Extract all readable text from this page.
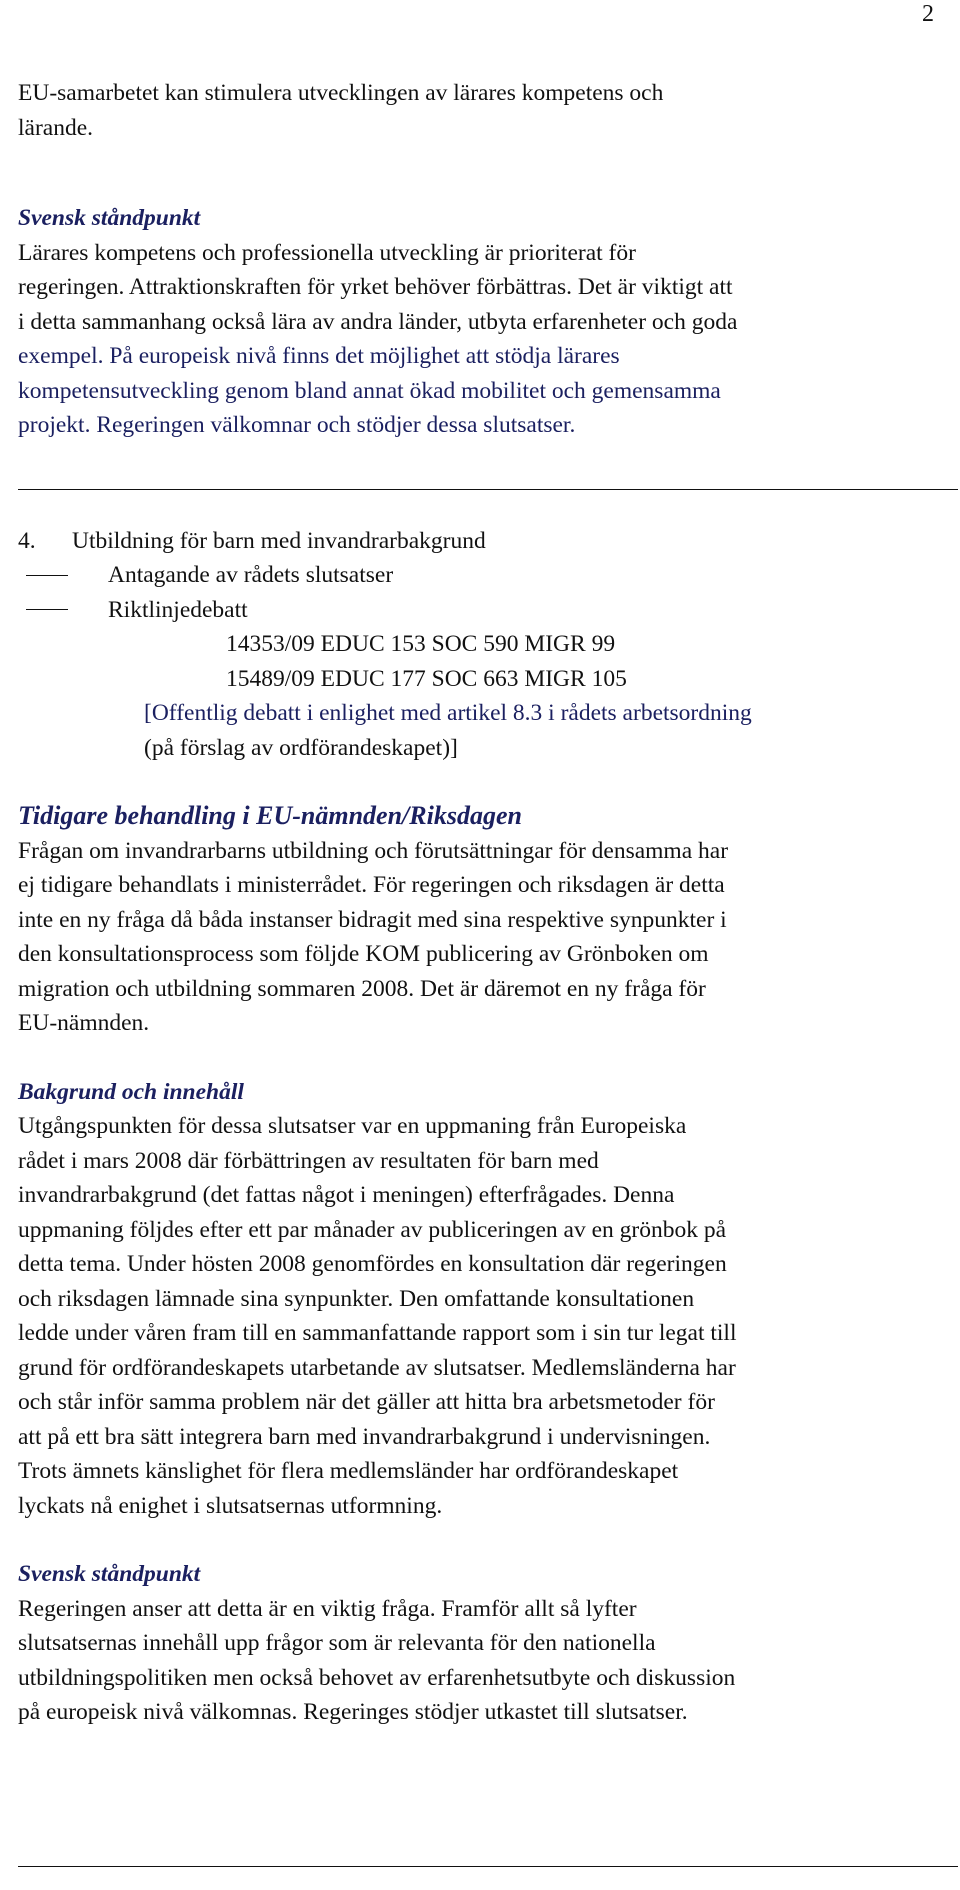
2

EU-samarbetet kan stimulera utvecklingen av lärares kompetens och

lärande.

Svensk ståndpunkt

Lärares kompetens och professionella utveckling är prioriterat för

regeringen. Attraktionskraften för yrket behöver förbättras. Det är viktigt att

i detta sammanhang också lära av andra länder, utbyta erfarenheter och goda

exempel. På europeisk nivå finns det möjlighet att stödja lärares

kompetensutveckling genom bland annat ökad mobilitet och gemensamma

projekt. Regeringen välkomnar och stödjer dessa slutsatser.

4.	Utbildning för barn med invandrarbakgrund

Antagande av rådets slutsatser

Riktlinjedebatt

14353/09 EDUC 153 SOC 590 MIGR 99

15489/09 EDUC 177 SOC 663 MIGR 105

[Offentlig debatt i enlighet med artikel 8.3 i rådets arbetsordning

(på förslag av ordförandeskapet)]

Tidigare behandling i EU-nämnden/Riksdagen

Frågan om invandrarbarns utbildning och förutsättningar för densamma har

ej tidigare behandlats i ministerrådet. För regeringen och riksdagen är detta

inte en ny fråga då båda instanser bidragit med sina respektive synpunkter i

den konsultationsprocess som följde KOM publicering av Grönboken om

migration och utbildning sommaren 2008. Det är däremot en ny fråga för

EU-nämnden.

Bakgrund och innehåll

Utgångspunkten för dessa slutsatser var en uppmaning från Europeiska

rådet i mars 2008 där förbättringen av resultaten för barn med

invandrarbakgrund (det fattas något i meningen) efterfrågades. Denna

uppmaning följdes efter ett par månader av publiceringen av en grönbok på

detta tema. Under hösten 2008 genomfördes en konsultation där regeringen

och riksdagen lämnade sina synpunkter. Den omfattande konsultationen

ledde under våren fram till en sammanfattande rapport som i sin tur legat till

grund för ordförandeskapets utarbetande av slutsatser. Medlemsländerna har

och står inför samma problem när det gäller att hitta bra arbetsmetoder för

att på ett bra sätt integrera barn med invandrarbakgrund i undervisningen.

Trots ämnets känslighet för flera medlemsländer har ordförandeskapet

lyckats nå enighet i slutsatsernas utformning.

Svensk ståndpunkt

Regeringen anser att detta är en viktig fråga. Framför allt så lyfter

slutsatsernas innehåll upp frågor som är relevanta för den nationella

utbildningspolitiken men också behovet av erfarenhetsutbyte och diskussion

på europeisk nivå välkomnas. Regeringes stödjer utkastet till slutsatser.
